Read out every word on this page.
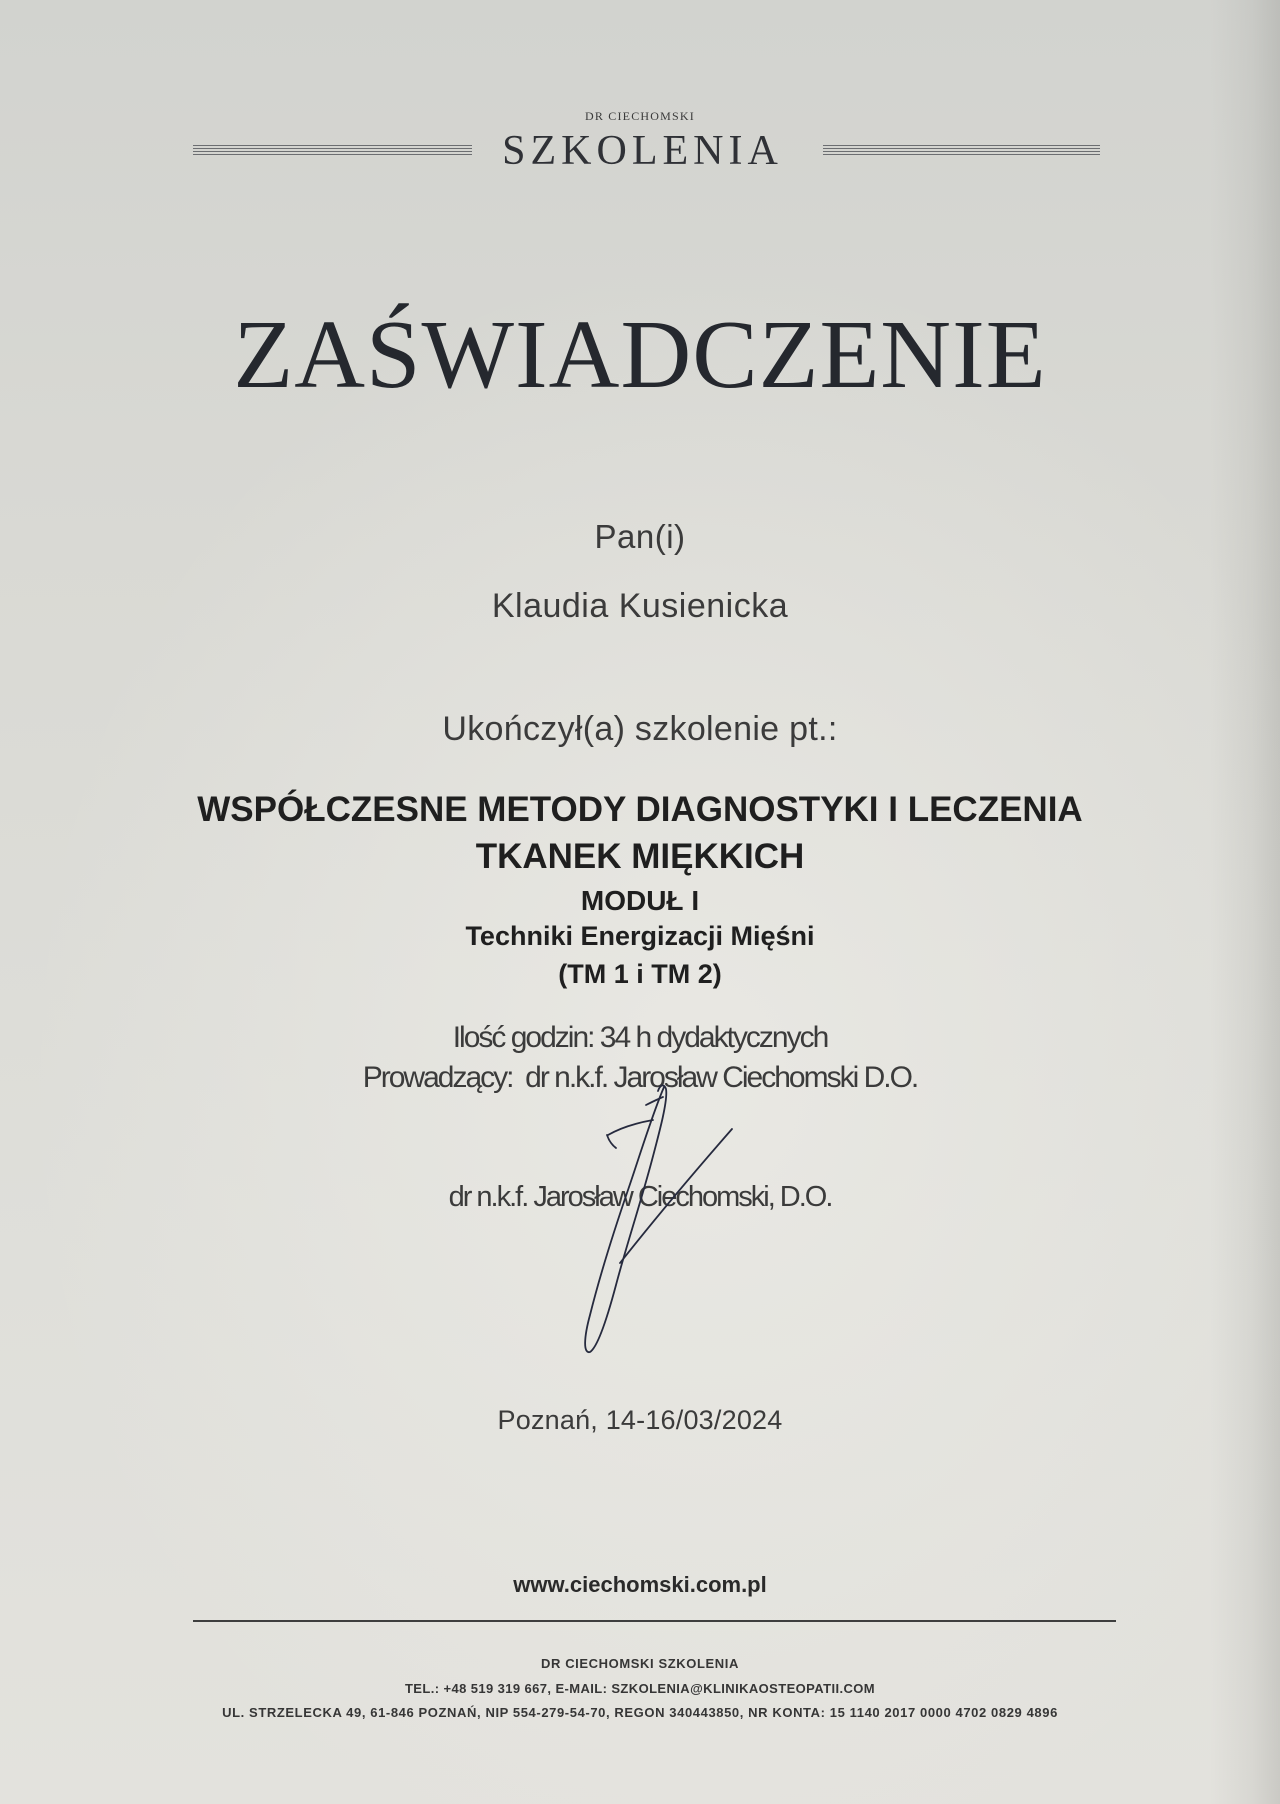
DR CIECHOMSKI
SZKOLENIA
ZAŚWIADCZENIE
Pan(i)
Klaudia Kusienicka
Ukończył(a) szkolenie pt.:
WSPÓŁCZESNE METODY DIAGNOSTYKI I LECZENIA
TKANEK MIĘKKICH
MODUŁ I
Techniki Energizacji Mięśni
(TM 1 i TM 2)
Ilość godzin: 34 h dydaktycznych
Prowadzący:  dr n.k.f. Jarosław Ciechomski D.O.
dr n.k.f. Jarosław Ciechomski, D.O.
Poznań, 14-16/03/2024
www.ciechomski.com.pl
DR CIECHOMSKI SZKOLENIA
TEL.: +48 519 319 667, E-MAIL: SZKOLENIA@KLINIKAOSTEOPATII.COM
UL. STRZELECKA 49, 61-846 POZNAŃ, NIP 554-279-54-70, REGON 340443850, NR KONTA: 15 1140 2017 0000 4702 0829 4896
